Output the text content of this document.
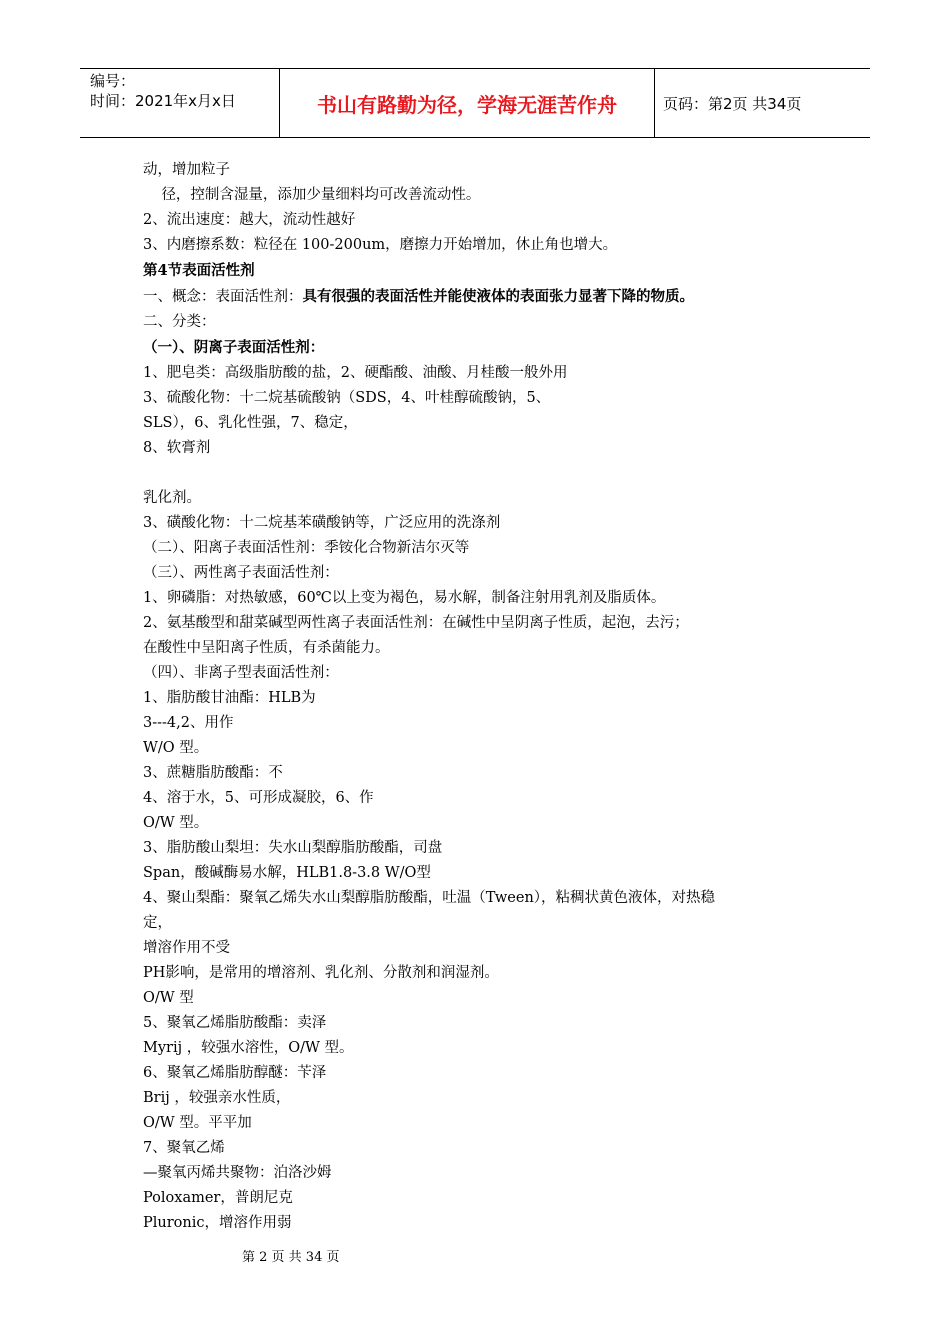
编号：
时间：2021年x月x日	书山有路勤为径，学海无涯苦作舟	页码：第2页 共34页

动，增加粒子

径，控制含湿量，添加少量细料均可改善流动性。

2、流出速度：越大，流动性越好

3、内磨擦系数：粒径在 100-200um，磨擦力开始增加，休止角也增大。

第4节表面活性剂

一、概念：表面活性剂：具有很强的表面活性并能使液体的表面张力显著下降的物质。

二、分类：

（一）、阴离子表面活性剂：

1、肥皂类：高级脂肪酸的盐，2、硬酯酸、油酸、月桂酸一般外用

3、硫酸化物：十二烷基硫酸钠（SDS，4、叶桂醇硫酸钠，5、

SLS），6、乳化性强，7、稳定，

8、软膏剂

乳化剂。

3、磺酸化物：十二烷基苯磺酸钠等，广泛应用的洗涤剂

（二）、阳离子表面活性剂：季铵化合物新洁尔灭等

（三）、两性离子表面活性剂：

1、卵磷脂：对热敏感，60℃以上变为褐色，易水解，制备注射用乳剂及脂质体。

2、氨基酸型和甜菜碱型两性离子表面活性剂：在碱性中呈阴离子性质，起泡，去污；

在酸性中呈阳离子性质，有杀菌能力。

（四）、非离子型表面活性剂：

1、脂肪酸甘油酯：HLB为

3---4,2、用作

W/O 型。

3、蔗糖脂肪酸酯：不

4、溶于水，5、可形成凝胶，6、作

O/W 型。

3、脂肪酸山梨坦：失水山梨醇脂肪酸酯，司盘

Span，酸碱酶易水解，HLB1.8-3.8 W/O型

4、聚山梨酯：聚氧乙烯失水山梨醇脂肪酸酯，吐温（Tween），粘稠状黄色液体，对热稳

定，

增溶作用不受

PH影响，是常用的增溶剂、乳化剂、分散剂和润湿剂。

O/W 型

5、聚氧乙烯脂肪酸酯：卖泽

Myrij ，较强水溶性，O/W 型。

6、聚氧乙烯脂肪醇醚：苄泽

Brij ，较强亲水性质，

O/W 型。平平加

7、聚氧乙烯

—聚氧丙烯共聚物：泊洛沙姆

Poloxamer，普朗尼克

Pluronic，增溶作用弱

第 2 页 共 34 页
